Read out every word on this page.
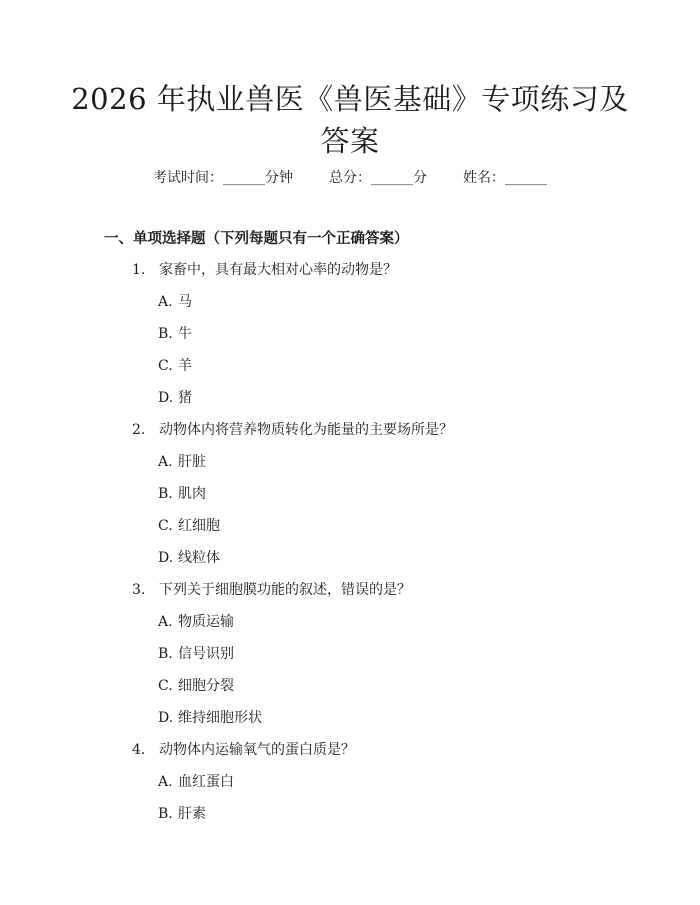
2026 年执业兽医《兽医基础》专项练习及答案
考试时间：______分钟	总分：______分	姓名：______
一、单项选择题（下列每题只有一个正确答案）
1. 家畜中，具有最大相对心率的动物是？
A. 马
B. 牛
C. 羊
D. 猪
2. 动物体内将营养物质转化为能量的主要场所是？
A. 肝脏
B. 肌肉
C. 红细胞
D. 线粒体
3. 下列关于细胞膜功能的叙述，错误的是？
A. 物质运输
B. 信号识别
C. 细胞分裂
D. 维持细胞形状
4. 动物体内运输氧气的蛋白质是？
A. 血红蛋白
B. 肝素
